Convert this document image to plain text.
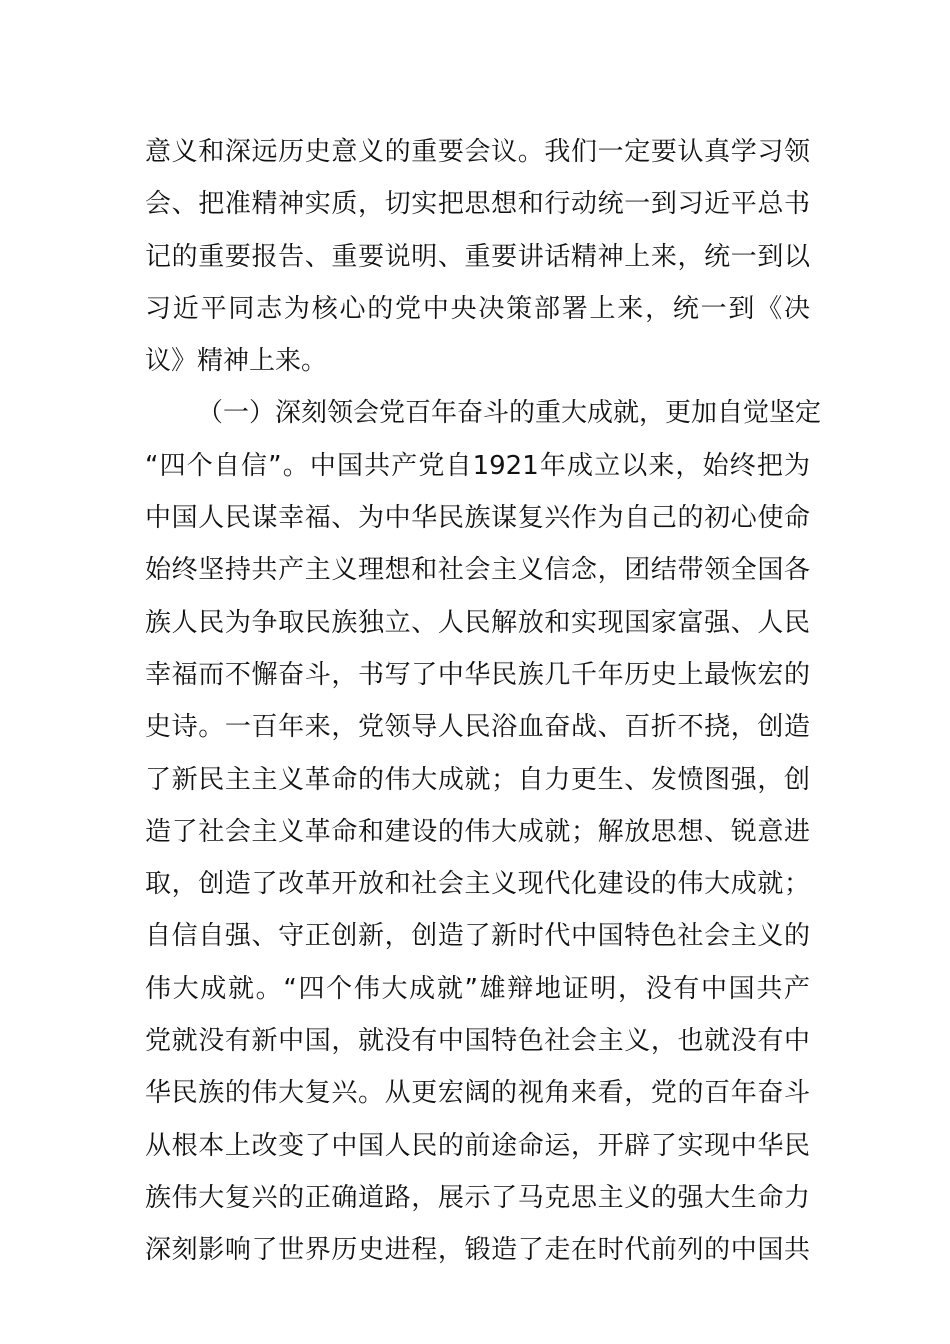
意义和深远历史意义的重要会议。我们一定要认真学习领
会、把准精神实质，切实把思想和行动统一到习近平总书
记的重要报告、重要说明、重要讲话精神上来，统一到以
习近平同志为核心的党中央决策部署上来，统一到《决
议》精神上来。
（一）深刻领会党百年奋斗的重大成就，更加自觉坚定
“四个自信”。中国共产党自1921年成立以来，始终把为
中国人民谋幸福、为中华民族谋复兴作为自己的初心使命
始终坚持共产主义理想和社会主义信念，团结带领全国各
族人民为争取民族独立、人民解放和实现国家富强、人民
幸福而不懈奋斗，书写了中华民族几千年历史上最恢宏的
史诗。一百年来，党领导人民浴血奋战、百折不挠，创造
了新民主主义革命的伟大成就；自力更生、发愤图强，创
造了社会主义革命和建设的伟大成就；解放思想、锐意进
取，创造了改革开放和社会主义现代化建设的伟大成就；
自信自强、守正创新，创造了新时代中国特色社会主义的
伟大成就。“四个伟大成就”雄辩地证明，没有中国共产
党就没有新中国，就没有中国特色社会主义，也就没有中
华民族的伟大复兴。从更宏阔的视角来看，党的百年奋斗
从根本上改变了中国人民的前途命运，开辟了实现中华民
族伟大复兴的正确道路，展示了马克思主义的强大生命力
深刻影响了世界历史进程，锻造了走在时代前列的中国共
